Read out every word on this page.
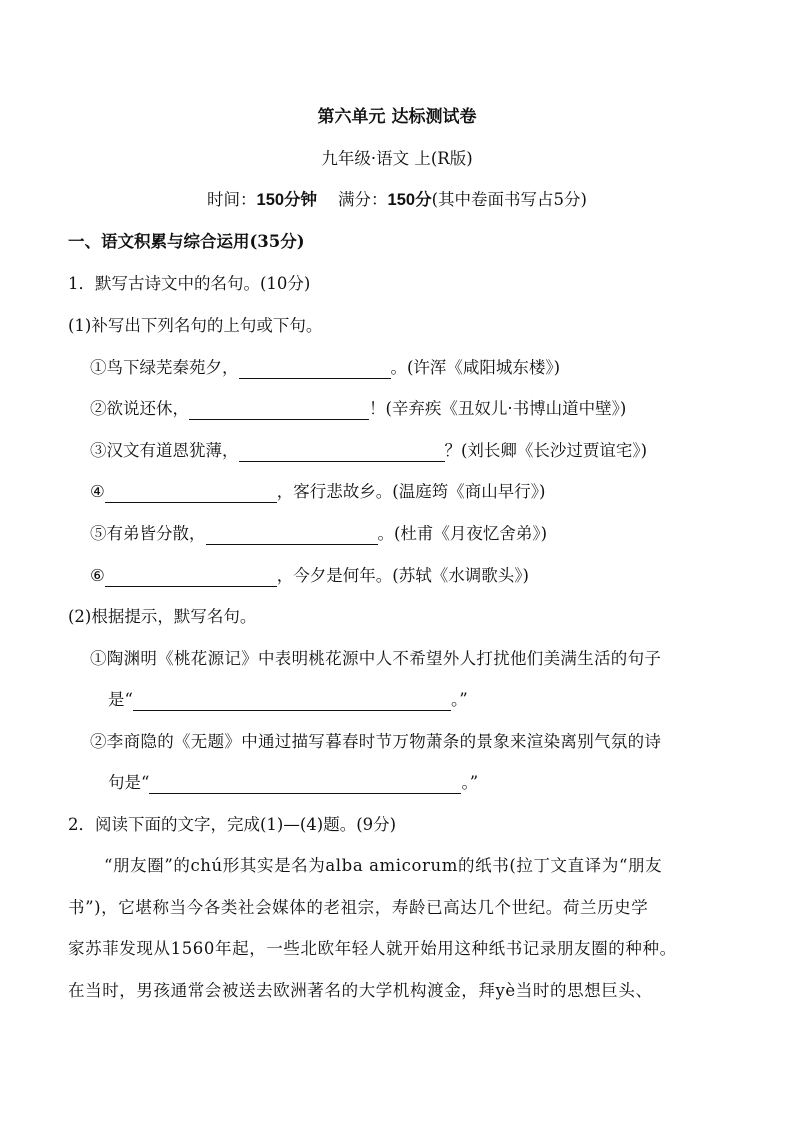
第六单元 达标测试卷
九年级·语文 上(R版)
时间：150分钟 满分：150分(其中卷面书写占5分)
一、语文积累与综合运用(35分)
1．默写古诗文中的名句。(10分)
(1)补写出下列名句的上句或下句。
①鸟下绿芜秦苑夕，	。(许浑《咸阳城东楼》)
②欲说还休，	！(辛弃疾《丑奴儿·书博山道中壁》)
③汉文有道恩犹薄，	？(刘长卿《长沙过贾谊宅》)
④	，客行悲故乡。(温庭筠《商山早行》)
⑤有弟皆分散，	。(杜甫《月夜忆舍弟》)
⑥	，今夕是何年。(苏轼《水调歌头》)
(2)根据提示，默写名句。
①陶渊明《桃花源记》中表明桃花源中人不希望外人打扰他们美满生活的句子
是“	。”
②李商隐的《无题》中通过描写暮春时节万物萧条的景象来渲染离别气氛的诗
句是“	。”
2．阅读下面的文字，完成(1)—(4)题。(9分)
“朋友圈”的chú形其实是名为alba amicorum的纸书(拉丁文直译为“朋友
书”)，它堪称当今各类社会媒体的老祖宗，寿龄已高达几个世纪。荷兰历史学
家苏菲发现从1560年起，一些北欧年轻人就开始用这种纸书记录朋友圈的种种。
在当时，男孩通常会被送去欧洲著名的大学机构渡金，拜yè当时的思想巨头、
